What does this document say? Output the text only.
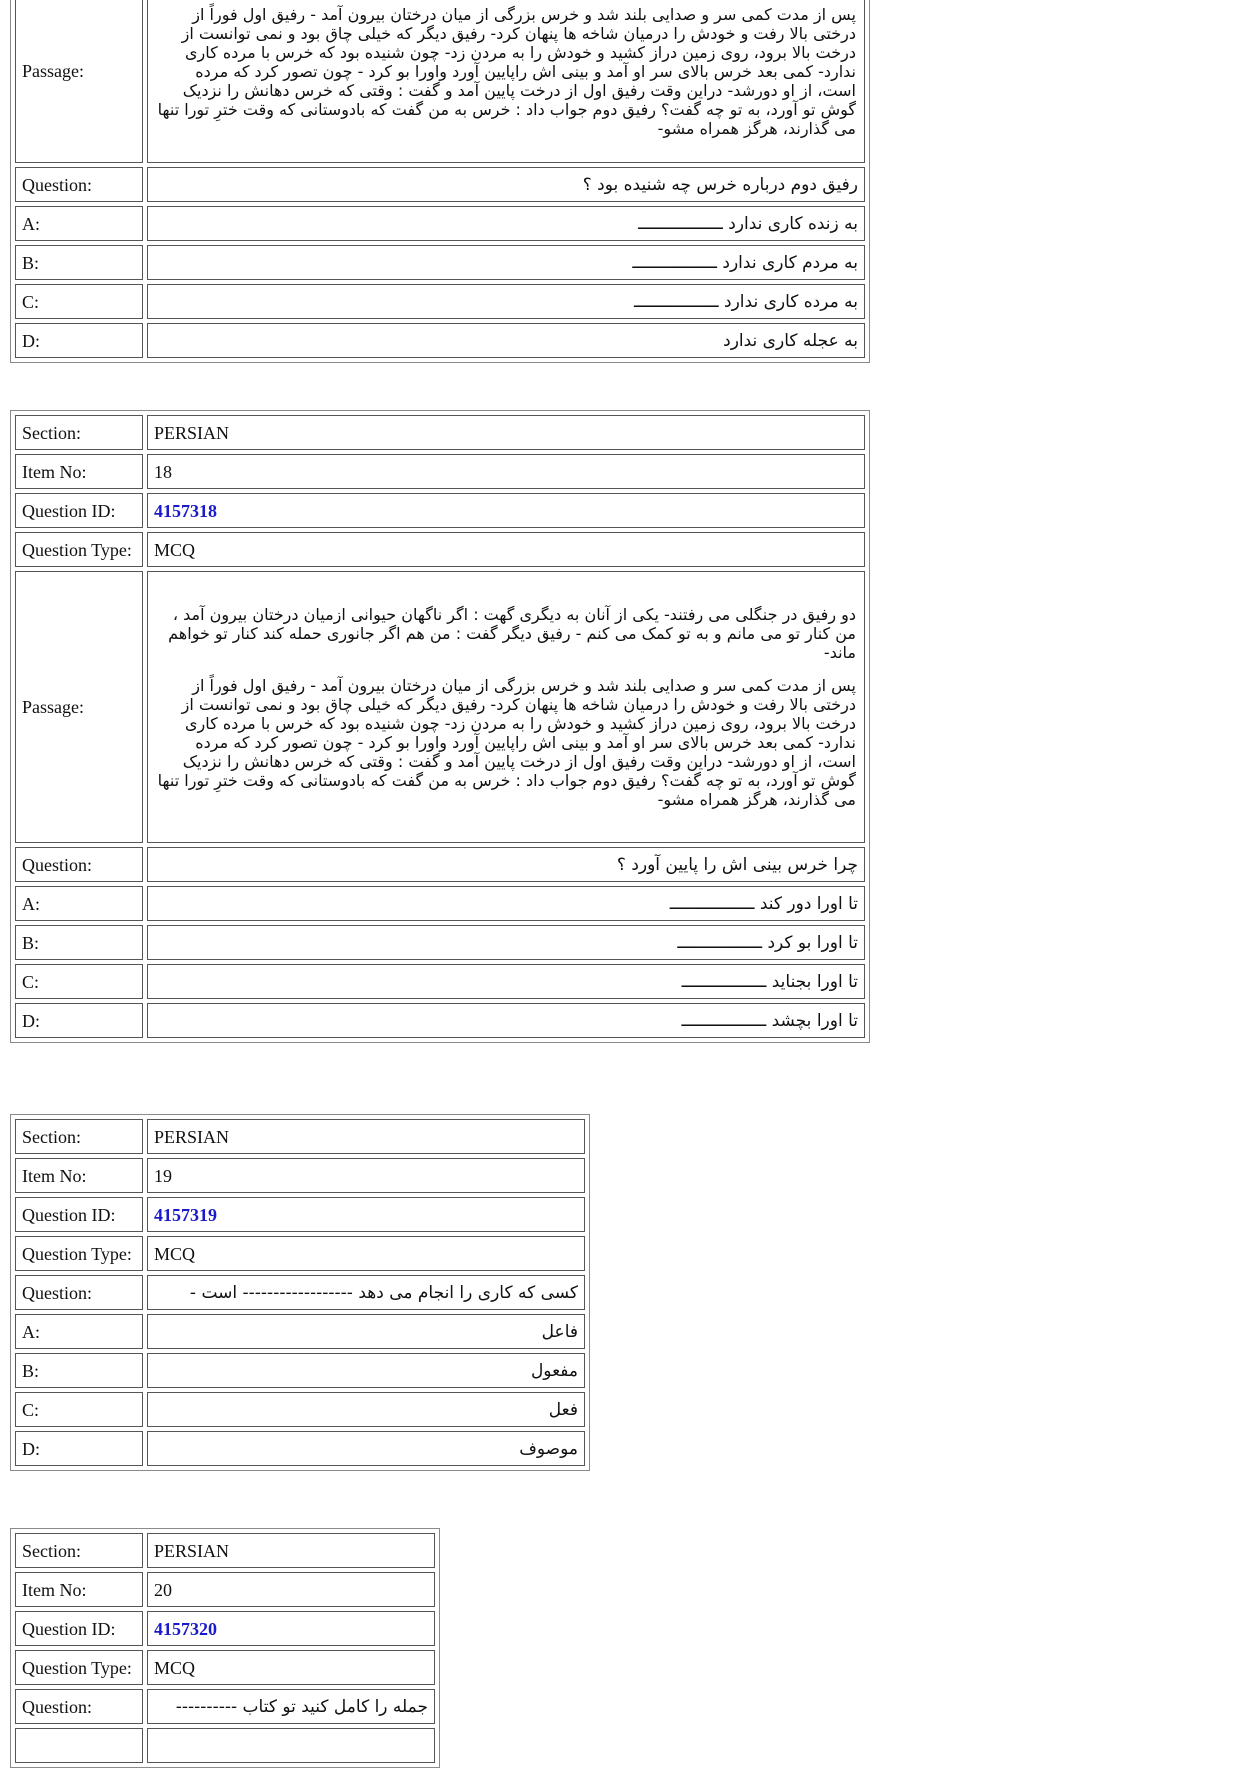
Passage:	پس از مدت کمی سر و صدایی بلند شد و خرس بزرگی از میان درختان بیرون آمد - رفیق اول فوراً از درختی بالا رفت و خودش را درمیان شاخه ها پنهان کرد- رفیق دیگر که خیلی چاق بود و نمی توانست از درخت بالا برود، روی زمین دراز کشید و خودش را به مردن زد- چون شنیده بود که خرس با مرده کاری ندارد- کمی بعد خرس بالای سر او آمد و بینی اش راپایین آورد واورا بو کرد - چون تصور کرد که مرده است، از او دورشد- دراین وقت رفیق اول از درخت پایین آمد و گفت : وقتی که خرس دهانش را نزدیک گوش تو آورد، به تو چه گفت؟ رفیق دوم جواب داد : خرس به من گفت که بادوستانی که وقت خترِ تورا تنها می گذارند، هرگز همراه مشو-

Question:	رفیق دوم درباره خرس چه شنیده بود ؟
A:	به زنده کاری ندارد ـــــــــــــــــ
B:	به مردم کاری ندارد ـــــــــــــــــ
C:	به مرده کاری ندارد ـــــــــــــــــ
D:	به عجله کاری ندارد
Section:	PERSIAN
Item No:	18
Question ID:	4157318
Question Type:	MCQ
Passage:	دو رفیق در جنگلی می رفتند- یکی از آنان به دیگری گهت : اگر ناگهان حیوانی ازمیان درختان بیرون آمد ، من کنار تو می مانم و به تو کمک می کنم - رفیق دیگر گفت : من هم اگر جانوری حمله کند کنار تو خواهم ماند-

پس از مدت کمی سر و صدایی بلند شد و خرس بزرگی از میان درختان بیرون آمد - رفیق اول فوراً از درختی بالا رفت و خودش را درمیان شاخه ها پنهان کرد- رفیق دیگر که خیلی چاق بود و نمی توانست از درخت بالا برود، روی زمین دراز کشید و خودش را به مردن زد- چون شنیده بود که خرس با مرده کاری ندارد- کمی بعد خرس بالای سر او آمد و بینی اش راپایین آورد واورا بو کرد - چون تصور کرد که مرده است، از او دورشد- دراین وقت رفیق اول از درخت پایین آمد و گفت : وقتی که خرس دهانش را نزدیک گوش تو آورد، به تو چه گفت؟ رفیق دوم جواب داد : خرس به من گفت که بادوستانی که وقت خترِ تورا تنها می گذارند، هرگز همراه مشو-

Question:	چرا خرس بینی اش را پایین آورد ؟
A:	تا اورا دور کند ـــــــــــــــــ
B:	تا اورا بو کرد ـــــــــــــــــ
C:	تا اورا بجناید ـــــــــــــــــ
D:	تا اورا بچشد ـــــــــــــــــ
Section:	PERSIAN
Item No:	19
Question ID:	4157319
Question Type:	MCQ
Question:	کسی که کاری را انجام می دهد ------------------ است -
A:	فاعل
B:	مفعول
C:	فعل
D:	موصوف
Section:	PERSIAN
Item No:	20
Question ID:	4157320
Question Type:	MCQ
Question:	جمله را کامل کنید تو کتاب ----------
